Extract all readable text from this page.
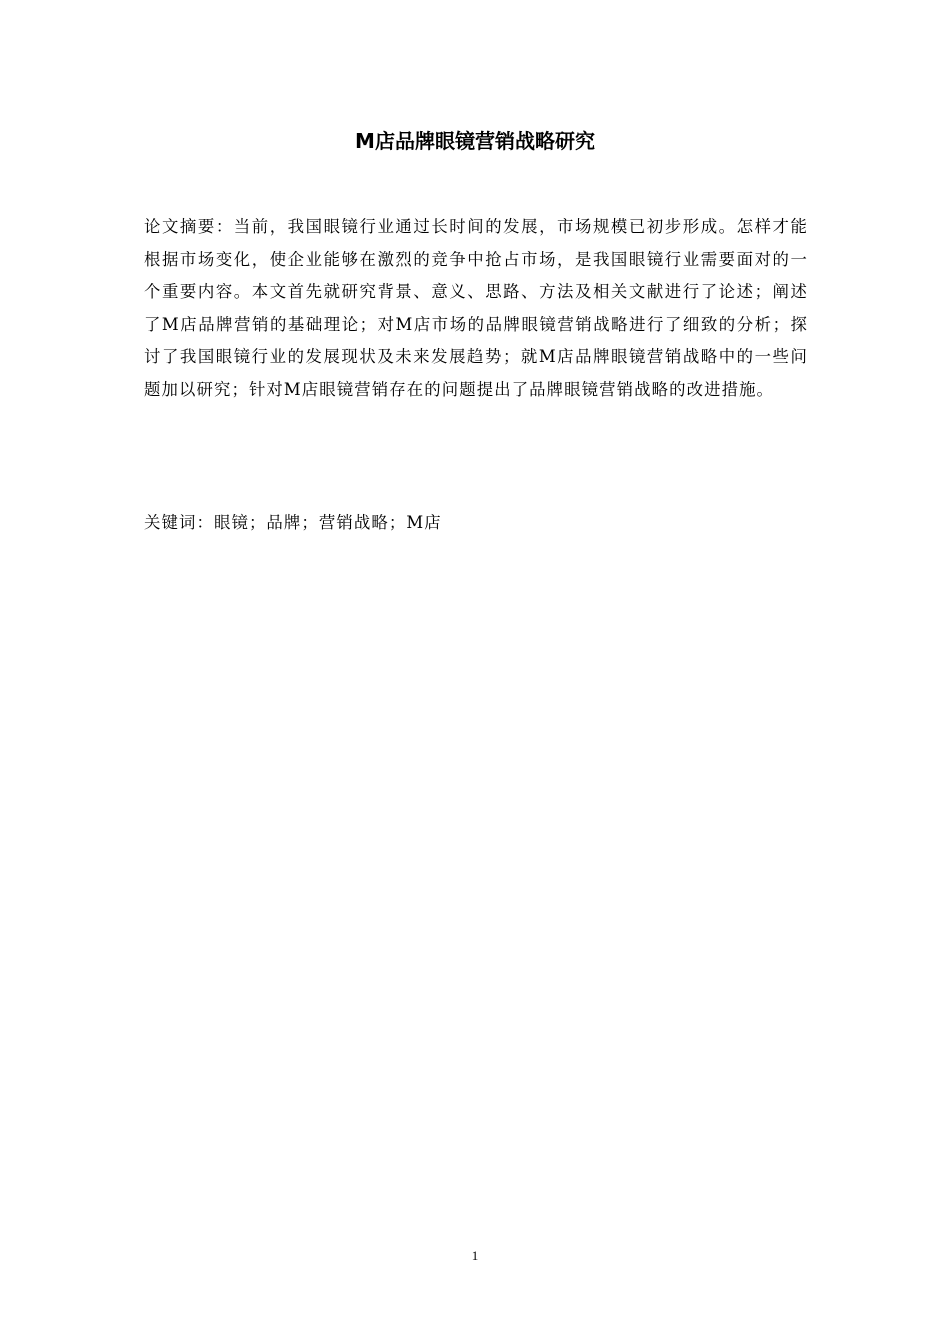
M店品牌眼镜营销战略研究

论文摘要：当前，我国眼镜行业通过长时间的发展，市场规模已初步形成。怎样才能根据市场变化，使企业能够在激烈的竞争中抢占市场，是我国眼镜行业需要面对的一个重要内容。本文首先就研究背景、意义、思路、方法及相关文献进行了论述；阐述了M店品牌营销的基础理论；对M店市场的品牌眼镜营销战略进行了细致的分析；探讨了我国眼镜行业的发展现状及未来发展趋势；就M店品牌眼镜营销战略中的一些问题加以研究；针对M店眼镜营销存在的问题提出了品牌眼镜营销战略的改进措施。

关键词：眼镜；品牌；营销战略；M店

1
